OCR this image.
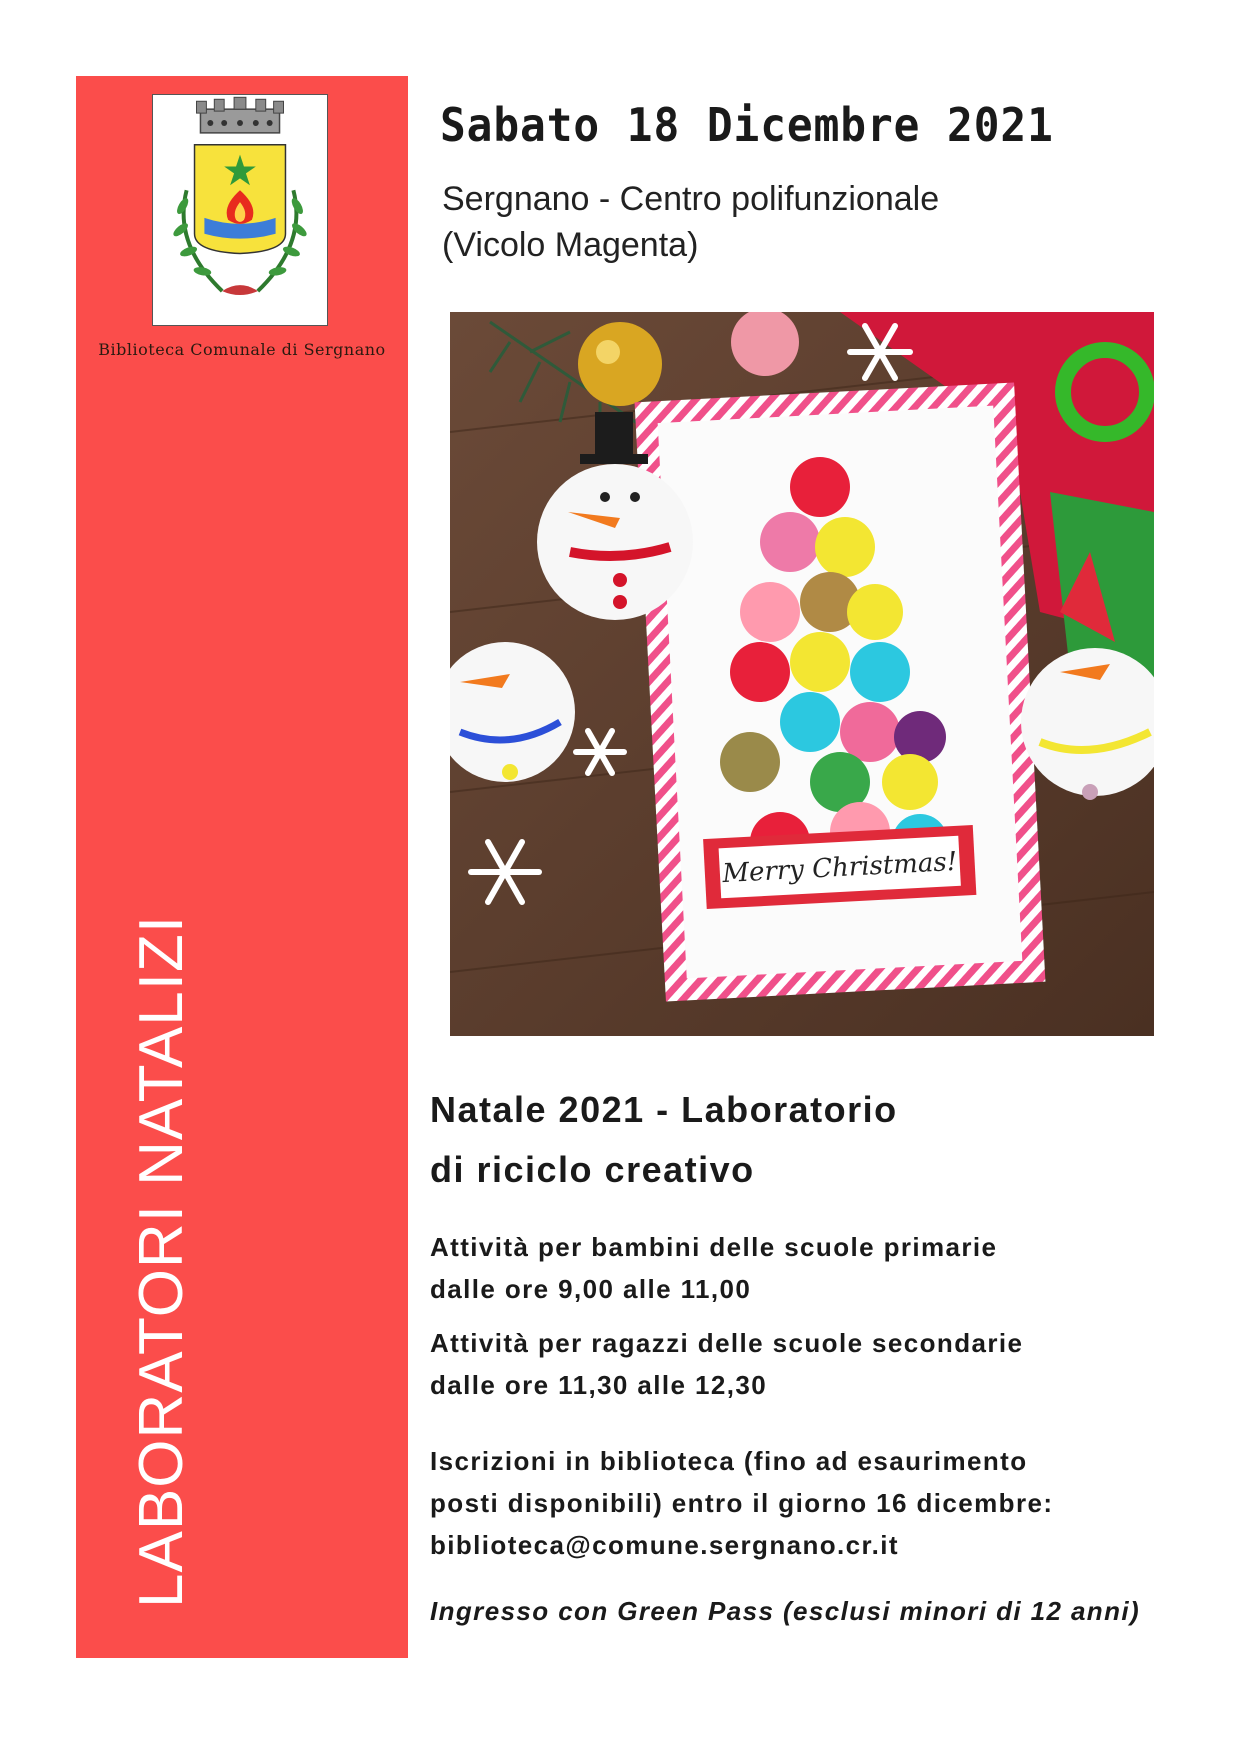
Biblioteca Comunale di Sergnano
LABORATORI NATALIZI
Sabato 18 Dicembre 2021
Sergnano - Centro polifunzionale
(Vicolo Magenta)
Merry Christmas!
Natale 2021 - Laboratorio
di riciclo creativo

Attività per bambini delle scuole primarie

dalle ore 9,00 alle 11,00

Attività per ragazzi delle scuole secondarie

dalle ore 11,30 alle 12,30

Iscrizioni in biblioteca (fino ad esaurimento

posti disponibili) entro il giorno 16 dicembre:

biblioteca@comune.sergnano.cr.it

Ingresso con Green Pass (esclusi minori di 12 anni)
